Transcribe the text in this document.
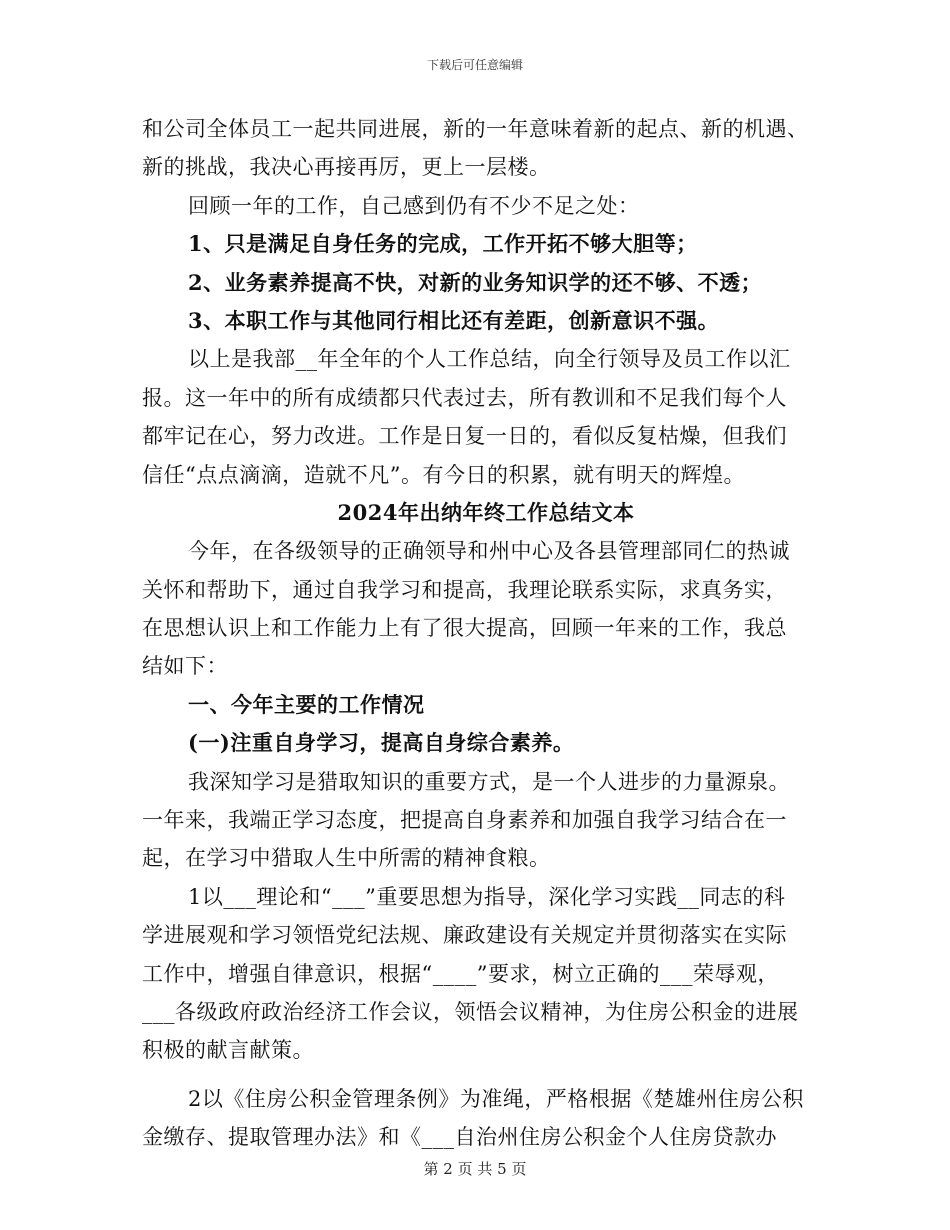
下载后可任意编辑
和公司全体员工一起共同进展，新的一年意味着新的起点、新的机遇、
新的挑战，我决心再接再厉，更上一层楼。
回顾一年的工作，自己感到仍有不少不足之处：
1、只是满足自身任务的完成，工作开拓不够大胆等；
2、业务素养提高不快，对新的业务知识学的还不够、不透；
3、本职工作与其他同行相比还有差距，创新意识不强。
以上是我部__年全年的个人工作总结，向全行领导及员工作以汇
报。这一年中的所有成绩都只代表过去，所有教训和不足我们每个人
都牢记在心，努力改进。工作是日复一日的，看似反复枯燥，但我们
信任“点点滴滴，造就不凡”。有今日的积累，就有明天的辉煌。
2024年出纳年终工作总结文本
今年，在各级领导的正确领导和州中心及各县管理部同仁的热诚
关怀和帮助下，通过自我学习和提高，我理论联系实际，求真务实，
在思想认识上和工作能力上有了很大提高，回顾一年来的工作，我总
结如下：
一、今年主要的工作情况
(一)注重自身学习，提高自身综合素养。
我深知学习是猎取知识的重要方式，是一个人进步的力量源泉。
一年来，我端正学习态度，把提高自身素养和加强自我学习结合在一
起，在学习中猎取人生中所需的精神食粮。
1以___理论和“___”重要思想为指导，深化学习实践__同志的科
学进展观和学习领悟党纪法规、廉政建设有关规定并贯彻落实在实际
工作中，增强自律意识，根据“____”要求，树立正确的___荣辱观，
___各级政府政治经济工作会议，领悟会议精神，为住房公积金的进展
积极的献言献策。
2以《住房公积金管理条例》为准绳，严格根据《楚雄州住房公积
金缴存、提取管理办法》和《___自治州住房公积金个人住房贷款办
第 2 页 共 5 页
